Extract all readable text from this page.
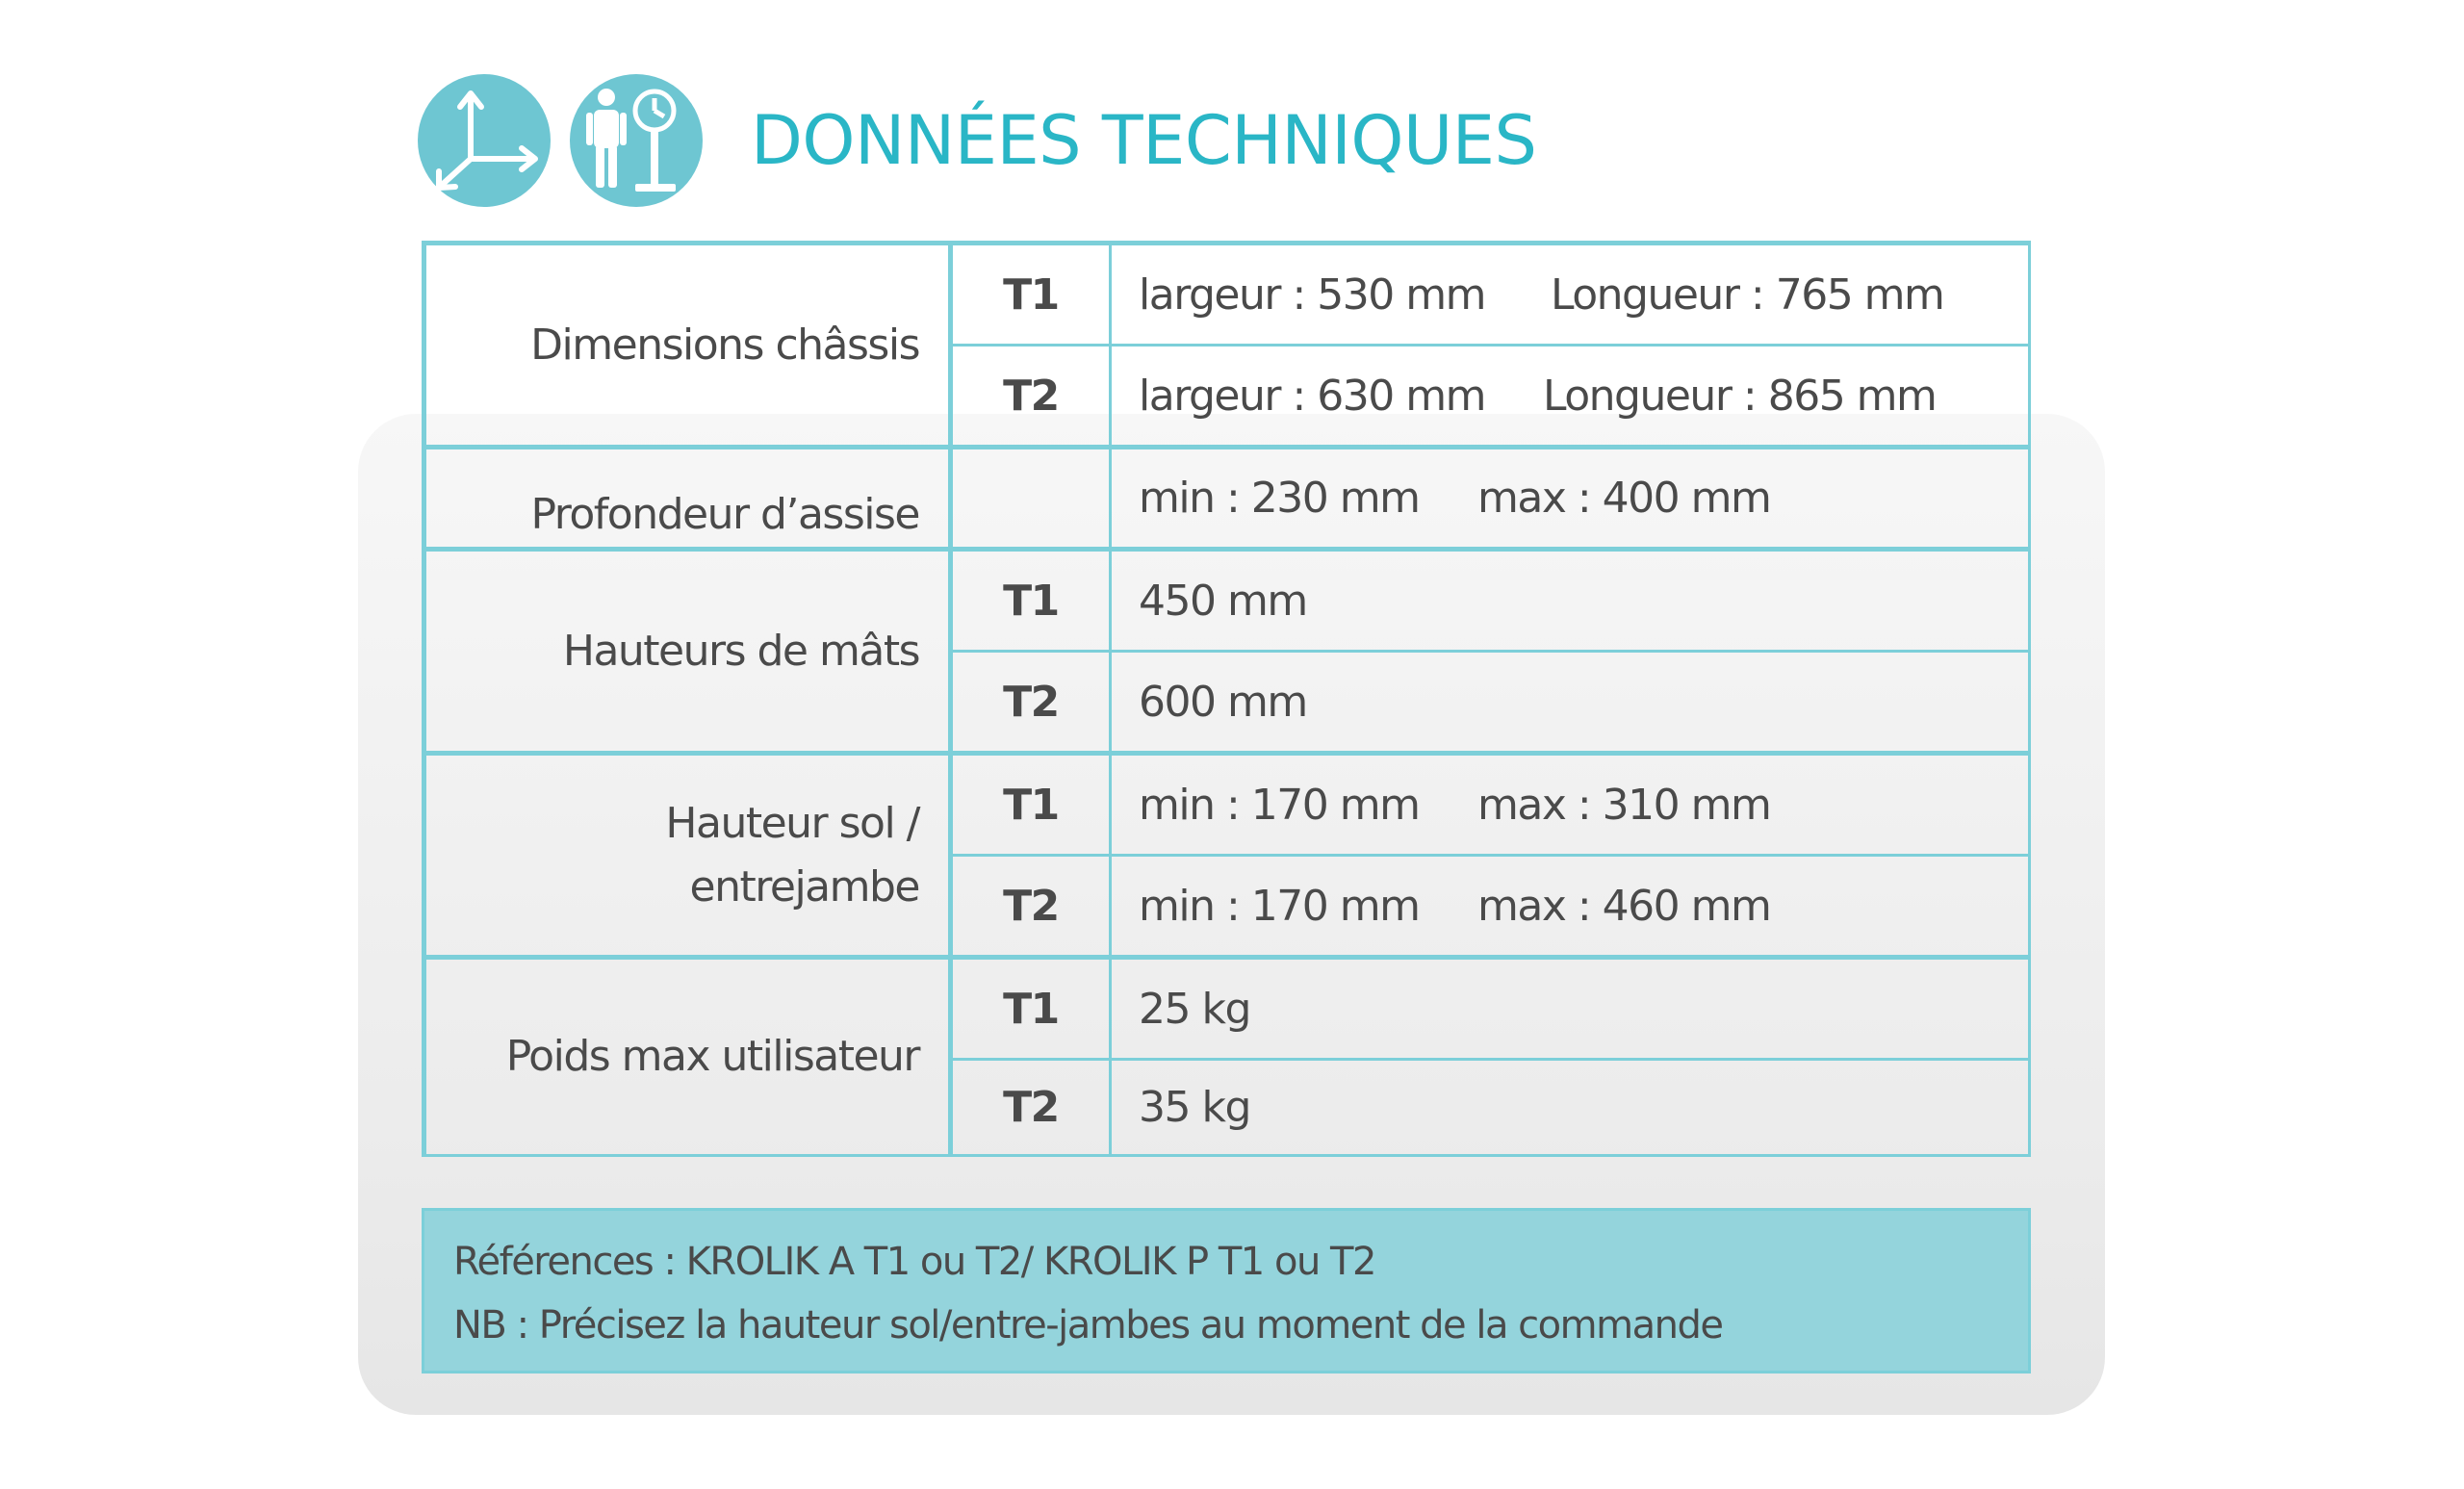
DONNÉES TECHNIQUES
Dimensions châssis	T1	largeur : 530 mm Longueur : 765 mm
	T2	largeur : 630 mm Longueur : 865 mm
Profondeur d’assise		min : 230 mm max : 400 mm
Hauteurs de mâts	T1	450 mm
	T2	600 mm
Hauteur sol /
entrejambe	T1	min : 170 mm max : 310 mm
	T2	min : 170 mm max : 460 mm
Poids max utilisateur	T1	25 kg
	T2	35 kg
Références : KROLIK A T1 ou T2/ KROLIK P T1 ou T2
NB : Précisez la hauteur sol/entre-jambes au moment de la commande
